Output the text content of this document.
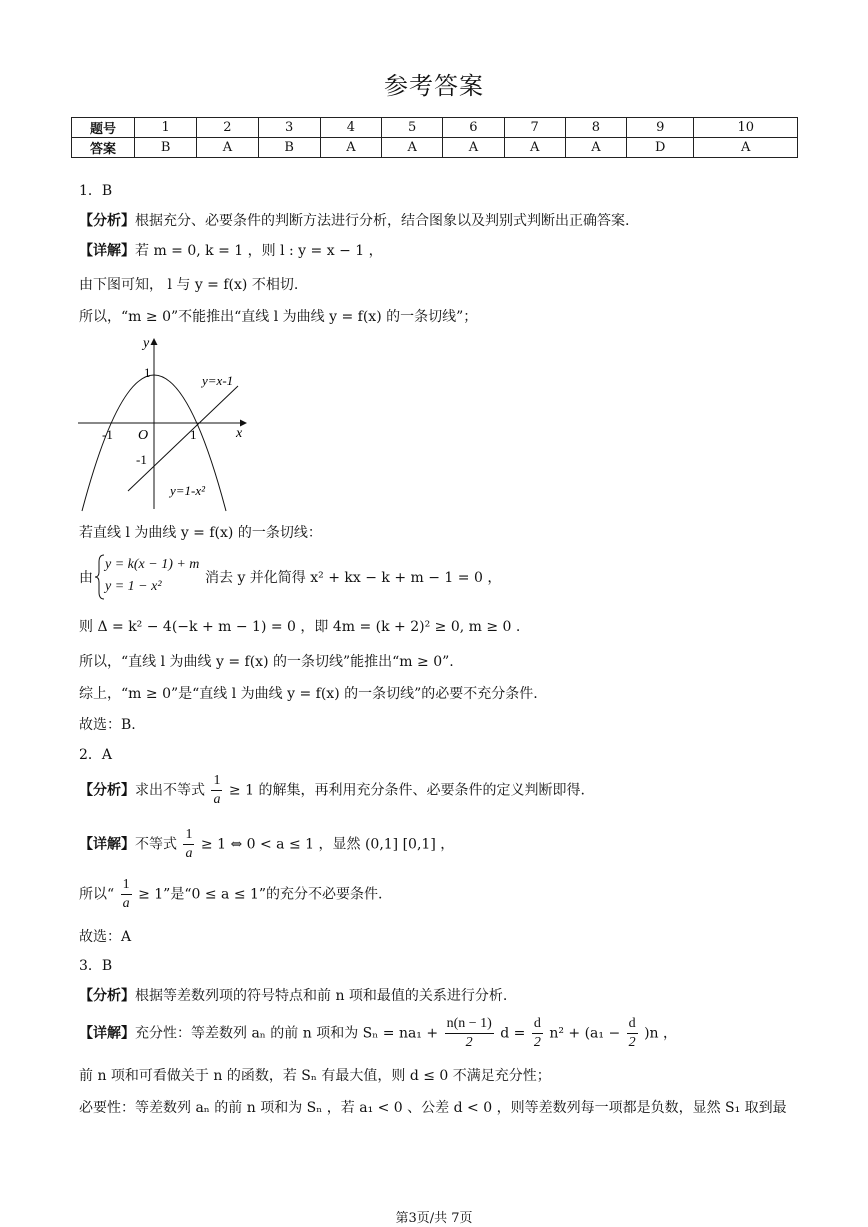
参考答案
题号	1	2	3	4	5	6	7	8	9	10
答案	B	A	B	A	A	A	A	A	D	A
1．B
【分析】根据充分、必要条件的判断方法进行分析，结合图象以及判别式判断出正确答案.
【详解】若 m = 0, k = 1 ，则 l : y = x − 1 ，
由下图可知， l 与 y = f(x) 不相切.
所以，“m ≥ 0”不能推出“直线 l 为曲线 y = f(x) 的一条切线”；
y
x
O
1
-1	1
-1
y=x-1
y=1-x²
若直线 l 为曲线 y = f(x) 的一条切线：
由
y = k(x − 1) + m
y = 1 − x²
消去 y 并化简得 x² + kx − k + m − 1 = 0 ，
则 Δ = k² − 4(−k + m − 1) = 0 ，即 4m = (k + 2)² ≥ 0, m ≥ 0 .
所以，“直线 l 为曲线 y = f(x) 的一条切线”能推出“m ≥ 0”.
综上，“m ≥ 0”是“直线 l 为曲线 y = f(x) 的一条切线”的必要不充分条件.
故选：B.
2．A
【分析】求出不等式 $\frac{1}{a} \ge 1$ 的解集，再利用充分条件、必要条件的定义判断即得.
【详解】不等式 $\frac{1}{a} \ge 1$ ⇔ 0 < a ≤ 1 ，显然 (0,1] [0,1] ，
所以“ $\frac{1}{a} \ge 1$”是“0 ≤ a ≤ 1”的充分不必要条件.
故选：A
3．B
【分析】根据等差数列项的符号特点和前 n 项和最值的关系进行分析.
【详解】充分性：等差数列 aₙ 的前 n 项和为 $S_n = na_1 + \frac{n(n - 1)}{2}$ $d = \frac{d}{2} n^2 + (a_1 - \frac{d}{2} )n$ ，
前 n 项和可看做关于 n 的函数，若 Sₙ 有最大值，则 d ≤ 0 不满足充分性；
必要性：等差数列 aₙ 的前 n 项和为 Sₙ ，若 a₁ < 0 、公差 d < 0 ，则等差数列每一项都是负数，显然 S₁ 取到最
第3页/共 7页
